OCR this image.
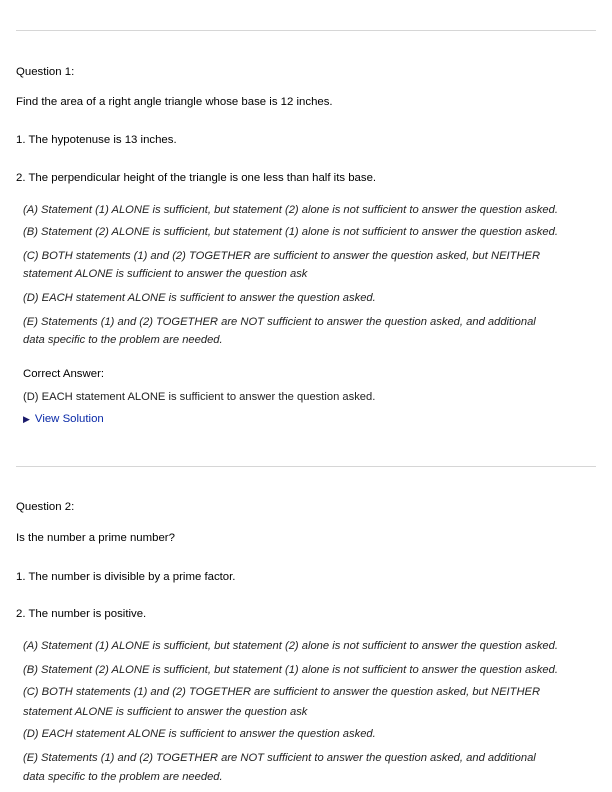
Question 1:
Find the area of a right angle triangle whose base is 12 inches.
1. The hypotenuse is 13 inches.
2. The perpendicular height of the triangle is one less than half its base.
(A) Statement (1) ALONE is sufficient, but statement (2) alone is not sufficient to answer the question asked.
(B) Statement (2) ALONE is sufficient, but statement (1) alone is not sufficient to answer the question asked.
(C) BOTH statements (1) and (2) TOGETHER are sufficient to answer the question asked, but NEITHER
statement ALONE is sufficient to answer the question ask
(D) EACH statement ALONE is sufficient to answer the question asked.
(E) Statements (1) and (2) TOGETHER are NOT sufficient to answer the question asked, and additional
data specific to the problem are needed.
Correct Answer:
(D) EACH statement ALONE is sufficient to answer the question asked.
▶ View Solution
Question 2:
Is the number a prime number?
1. The number is divisible by a prime factor.
2. The number is positive.
(A) Statement (1) ALONE is sufficient, but statement (2) alone is not sufficient to answer the question asked.
(B) Statement (2) ALONE is sufficient, but statement (1) alone is not sufficient to answer the question asked.
(C) BOTH statements (1) and (2) TOGETHER are sufficient to answer the question asked, but NEITHER
statement ALONE is sufficient to answer the question ask
(D) EACH statement ALONE is sufficient to answer the question asked.
(E) Statements (1) and (2) TOGETHER are NOT sufficient to answer the question asked, and additional
data specific to the problem are needed.
